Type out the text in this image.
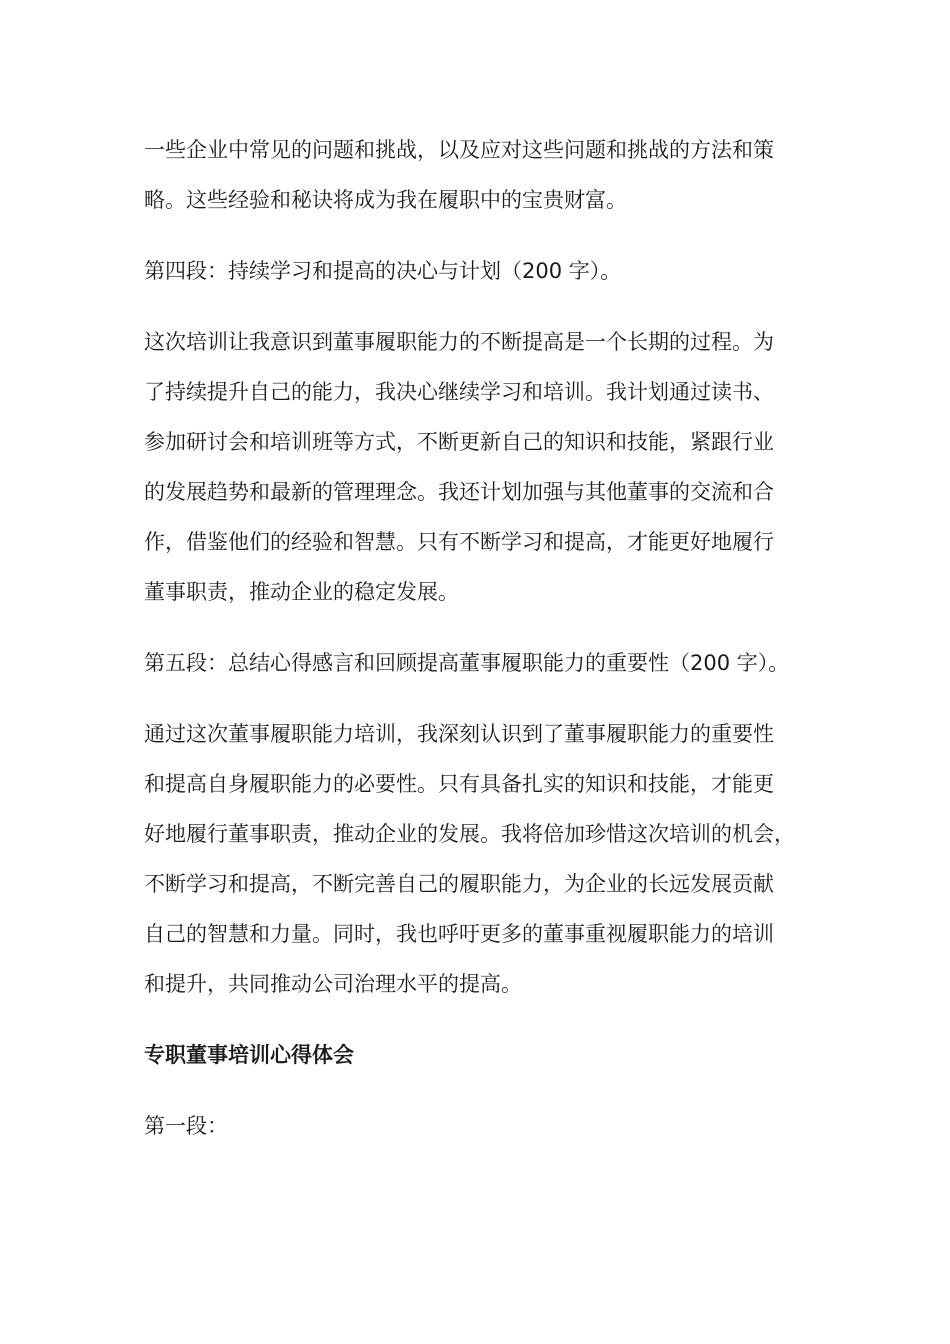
一些企业中常见的问题和挑战，以及应对这些问题和挑战的方法和策
略。这些经验和秘诀将成为我在履职中的宝贵财富。

第四段：持续学习和提高的决心与计划（200 字）。

这次培训让我意识到董事履职能力的不断提高是一个长期的过程。为
了持续提升自己的能力，我决心继续学习和培训。我计划通过读书、
参加研讨会和培训班等方式，不断更新自己的知识和技能，紧跟行业
的发展趋势和最新的管理理念。我还计划加强与其他董事的交流和合
作，借鉴他们的经验和智慧。只有不断学习和提高，才能更好地履行
董事职责，推动企业的稳定发展。

第五段：总结心得感言和回顾提高董事履职能力的重要性（200 字）。

通过这次董事履职能力培训，我深刻认识到了董事履职能力的重要性
和提高自身履职能力的必要性。只有具备扎实的知识和技能，才能更
好地履行董事职责，推动企业的发展。我将倍加珍惜这次培训的机会，
不断学习和提高，不断完善自己的履职能力，为企业的长远发展贡献
自己的智慧和力量。同时，我也呼吁更多的董事重视履职能力的培训
和提升，共同推动公司治理水平的提高。

专职董事培训心得体会

第一段：
